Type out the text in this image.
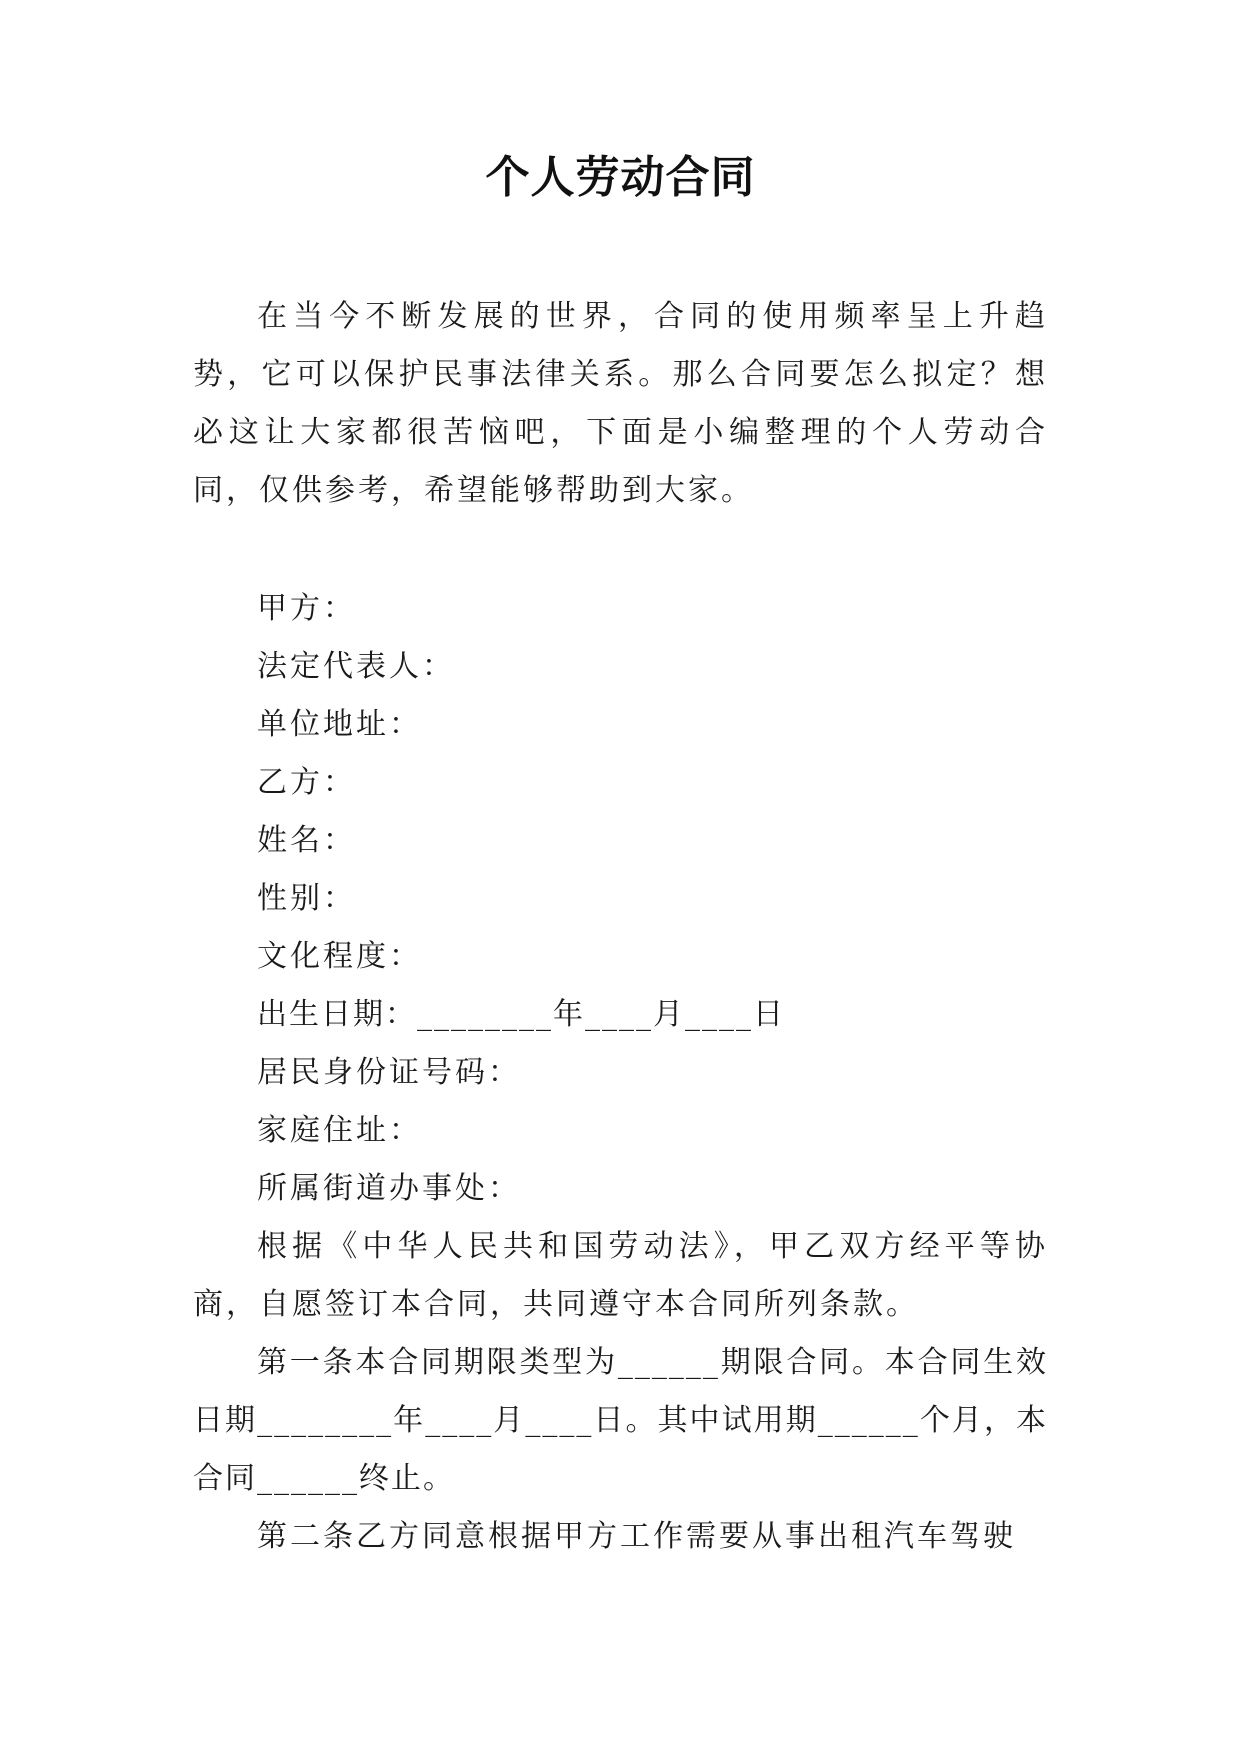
个人劳动合同

在当今不断发展的世界，合同的使用频率呈上升趋势，它可以保护民事法律关系。那么合同要怎么拟定？想必这让大家都很苦恼吧，下面是小编整理的个人劳动合同，仅供参考，希望能够帮助到大家。

甲方：
法定代表人：
单位地址：
乙方：
姓名：
性别：
文化程度：
出生日期：________年____月____日
居民身份证号码：
家庭住址：
所属街道办事处：

根据《中华人民共和国劳动法》，甲乙双方经平等协商，自愿签订本合同，共同遵守本合同所列条款。

第一条本合同期限类型为______期限合同。本合同生效日期________年____月____日。其中试用期______个月，本合同______终止。

第二条乙方同意根据甲方工作需要从事出租汽车驾驶
